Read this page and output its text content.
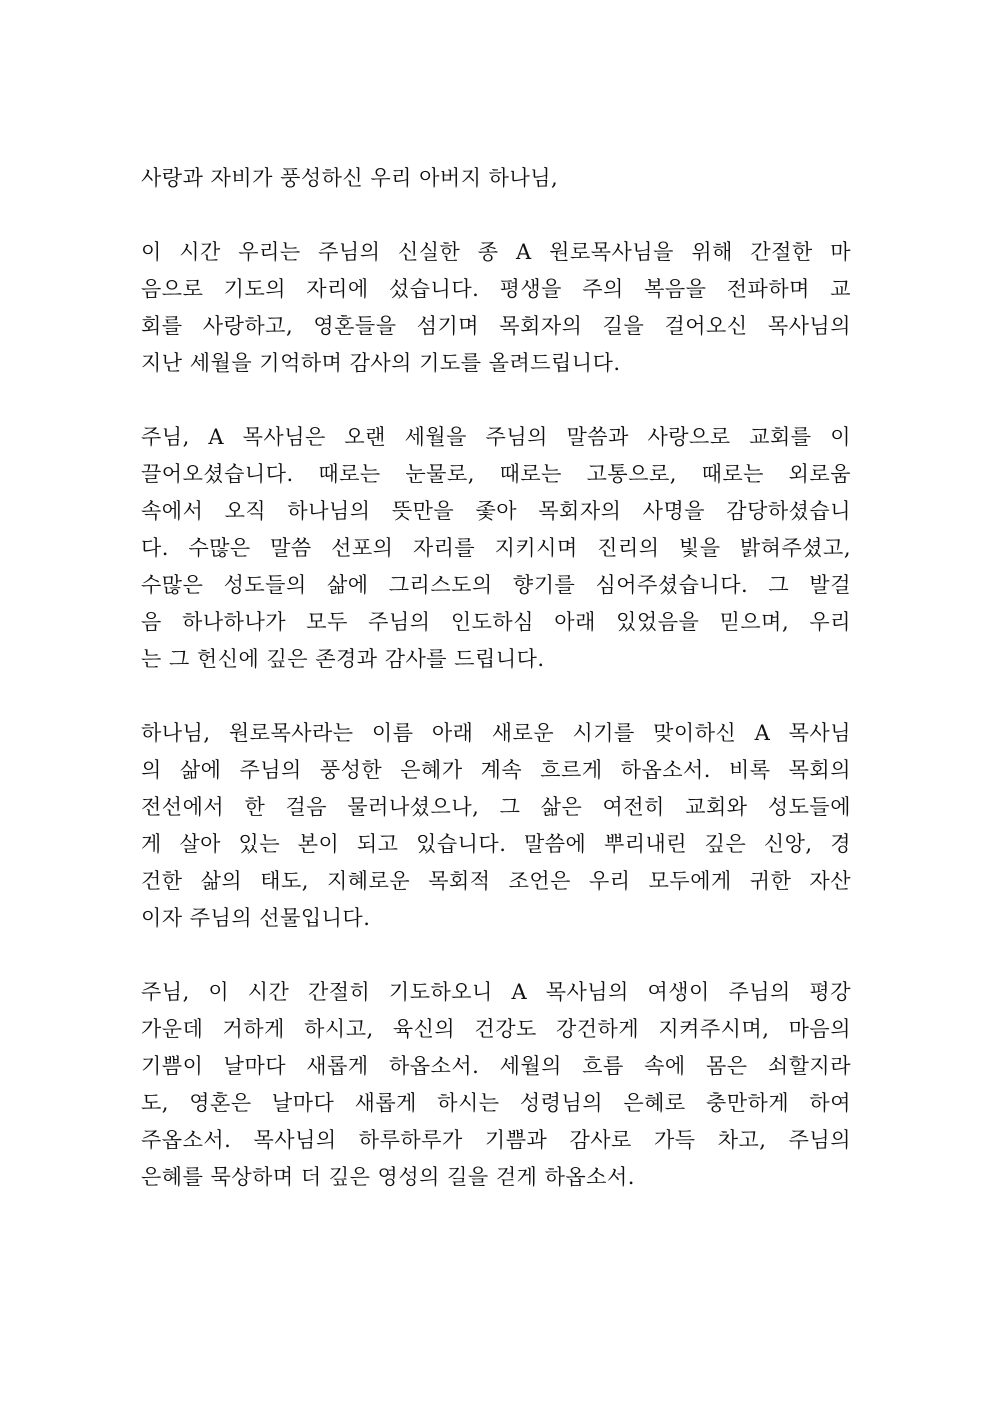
사랑과 자비가 풍성하신 우리 아버지 하나님,
이 시간 우리는 주님의 신실한 종 A 원로목사님을 위해 간절한 마
음으로 기도의 자리에 섰습니다. 평생을 주의 복음을 전파하며 교
회를 사랑하고, 영혼들을 섬기며 목회자의 길을 걸어오신 목사님의
지난 세월을 기억하며 감사의 기도를 올려드립니다.
주님, A 목사님은 오랜 세월을 주님의 말씀과 사랑으로 교회를 이
끌어오셨습니다. 때로는 눈물로, 때로는 고통으로, 때로는 외로움
속에서 오직 하나님의 뜻만을 좇아 목회자의 사명을 감당하셨습니
다. 수많은 말씀 선포의 자리를 지키시며 진리의 빛을 밝혀주셨고,
수많은 성도들의 삶에 그리스도의 향기를 심어주셨습니다. 그 발걸
음 하나하나가 모두 주님의 인도하심 아래 있었음을 믿으며, 우리
는 그 헌신에 깊은 존경과 감사를 드립니다.
하나님, 원로목사라는 이름 아래 새로운 시기를 맞이하신 A 목사님
의 삶에 주님의 풍성한 은혜가 계속 흐르게 하옵소서. 비록 목회의
전선에서 한 걸음 물러나셨으나, 그 삶은 여전히 교회와 성도들에
게 살아 있는 본이 되고 있습니다. 말씀에 뿌리내린 깊은 신앙, 경
건한 삶의 태도, 지혜로운 목회적 조언은 우리 모두에게 귀한 자산
이자 주님의 선물입니다.
주님, 이 시간 간절히 기도하오니 A 목사님의 여생이 주님의 평강
가운데 거하게 하시고, 육신의 건강도 강건하게 지켜주시며, 마음의
기쁨이 날마다 새롭게 하옵소서. 세월의 흐름 속에 몸은 쇠할지라
도, 영혼은 날마다 새롭게 하시는 성령님의 은혜로 충만하게 하여
주옵소서. 목사님의 하루하루가 기쁨과 감사로 가득 차고, 주님의
은혜를 묵상하며 더 깊은 영성의 길을 걷게 하옵소서.
